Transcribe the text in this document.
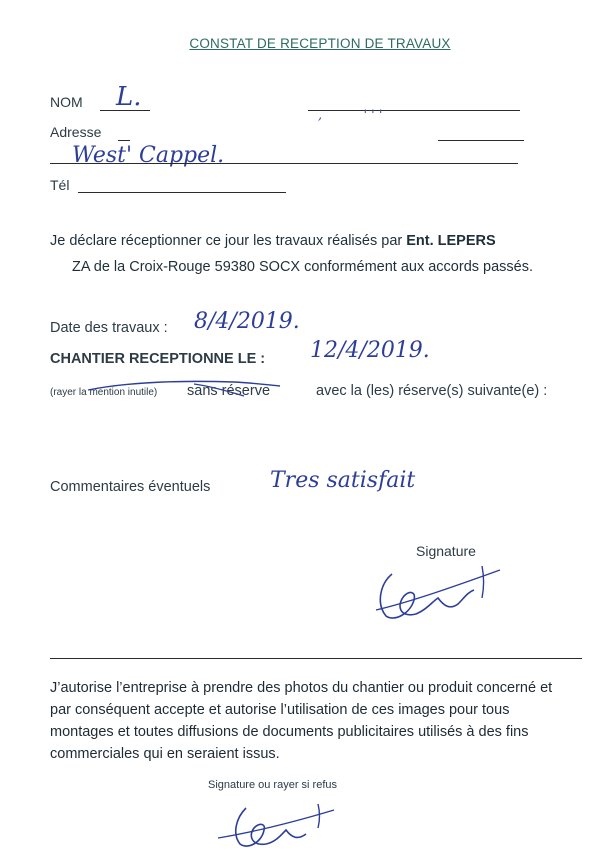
CONSTAT DE RECEPTION DE TRAVAUX
NOM L.
,          ' ' '
Adresse
West' Cappel.
Tél
Je déclare réceptionner ce jour les travaux réalisés par Ent. LEPERS
ZA de la Croix-Rouge 59380 SOCX conformément aux accords passés.
Date des travaux : 8/4/2019.
CHANTIER RECEPTIONNE LE : 12/4/2019.
(rayer la mention inutile) sans réserve	avec la (les) réserve(s) suivante(e) :
Commentaires éventuels	Tres satisfait
Signature
J’autorise l’entreprise à prendre des photos du chantier ou produit concerné et par conséquent accepte et autorise l’utilisation de ces images pour tous montages et toutes diffusions de documents publicitaires utilisés à des fins commerciales qui en seraient issus.
Signature ou rayer si refus
